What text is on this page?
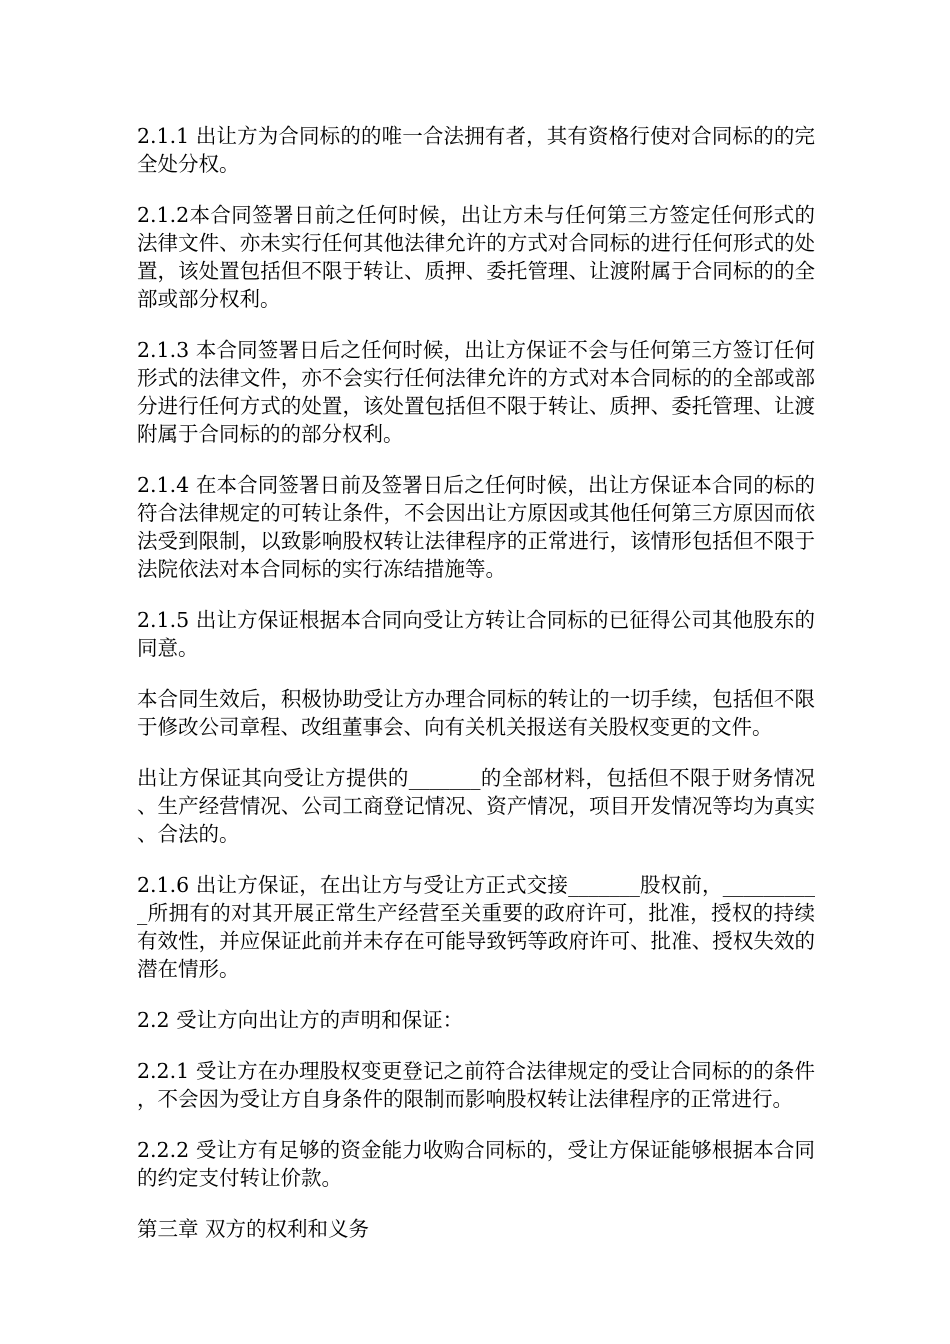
2.1.1 出让方为合同标的的唯一合法拥有者，其有资格行使对合同标的的完全处分权。

2.1.2本合同签署日前之任何时候，出让方未与任何第三方签定任何形式的法律文件、亦未实行任何其他法律允许的方式对合同标的进行任何形式的处置，该处置包括但不限于转让、质押、委托管理、让渡附属于合同标的的全部或部分权利。

2.1.3 本合同签署日后之任何时候，出让方保证不会与任何第三方签订任何形式的法律文件，亦不会实行任何法律允许的方式对本合同标的的全部或部分进行任何方式的处置，该处置包括但不限于转让、质押、委托管理、让渡附属于合同标的的部分权利。

2.1.4 在本合同签署日前及签署日后之任何时候，出让方保证本合同的标的符合法律规定的可转让条件，不会因出让方原因或其他任何第三方原因而依法受到限制，以致影响股权转让法律程序的正常进行，该情形包括但不限于法院依法对本合同标的实行冻结措施等。

2.1.5 出让方保证根据本合同向受让方转让合同标的已征得公司其他股东的同意。

本合同生效后，积极协助受让方办理合同标的转让的一切手续，包括但不限于修改公司章程、改组董事会、向有关机关报送有关股权变更的文件。

出让方保证其向受让方提供的_______的全部材料，包括但不限于财务情况、生产经营情况、公司工商登记情况、资产情况，项目开发情况等均为真实、合法的。

2.1.6 出让方保证，在出让方与受让方正式交接_______股权前，__________所拥有的对其开展正常生产经营至关重要的政府许可，批准，授权的持续有效性，并应保证此前并未存在可能导致钙等政府许可、批准、授权失效的潜在情形。

2.2 受让方向出让方的声明和保证：

2.2.1 受让方在办理股权变更登记之前符合法律规定的受让合同标的的条件，不会因为受让方自身条件的限制而影响股权转让法律程序的正常进行。

2.2.2 受让方有足够的资金能力收购合同标的，受让方保证能够根据本合同的约定支付转让价款。

第三章 双方的权利和义务
